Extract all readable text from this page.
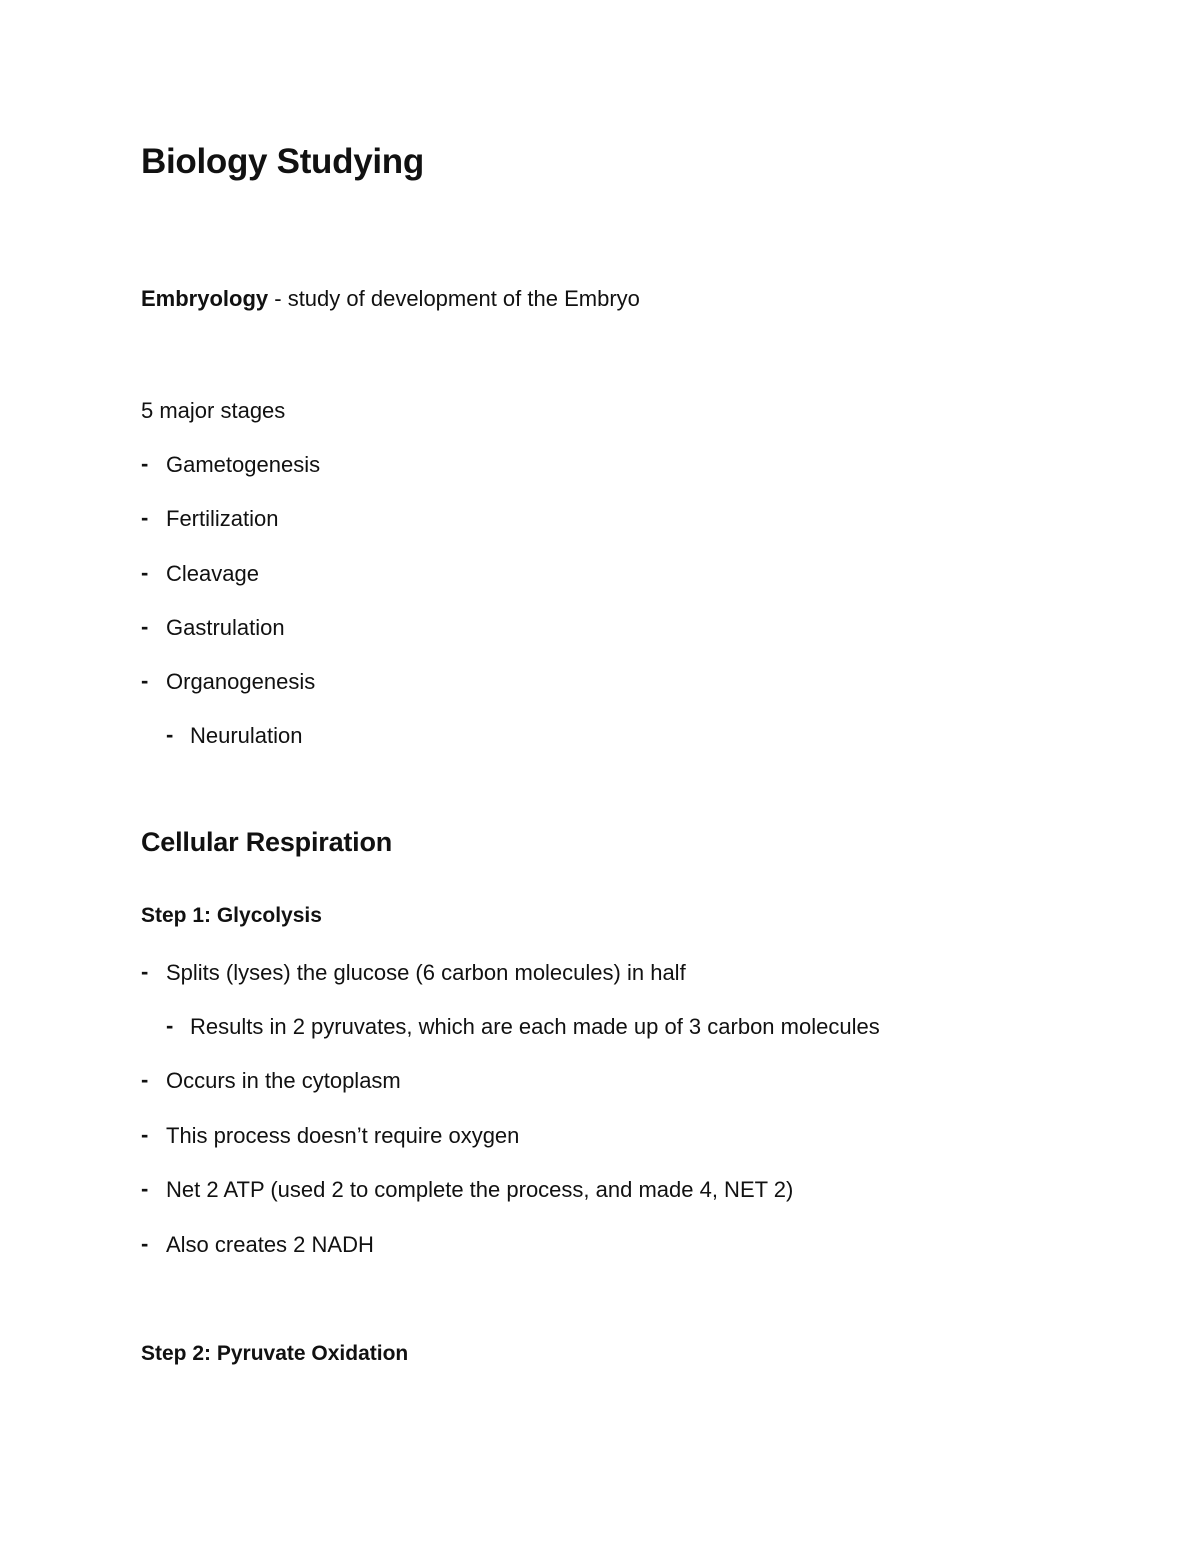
Biology Studying

Embryology - study of development of the Embryo

5 major stages

- Gametogenesis
- Fertilization
- Cleavage
- Gastrulation
- Organogenesis
- Neurulation
Cellular Respiration
Step 1: Glycolysis
- Splits (lyses) the glucose (6 carbon molecules) in half
- Results in 2 pyruvates, which are each made up of 3 carbon molecules
- Occurs in the cytoplasm
- This process doesn’t require oxygen
- Net 2 ATP (used 2 to complete the process, and made 4, NET 2)
- Also creates 2 NADH
Step 2: Pyruvate Oxidation
